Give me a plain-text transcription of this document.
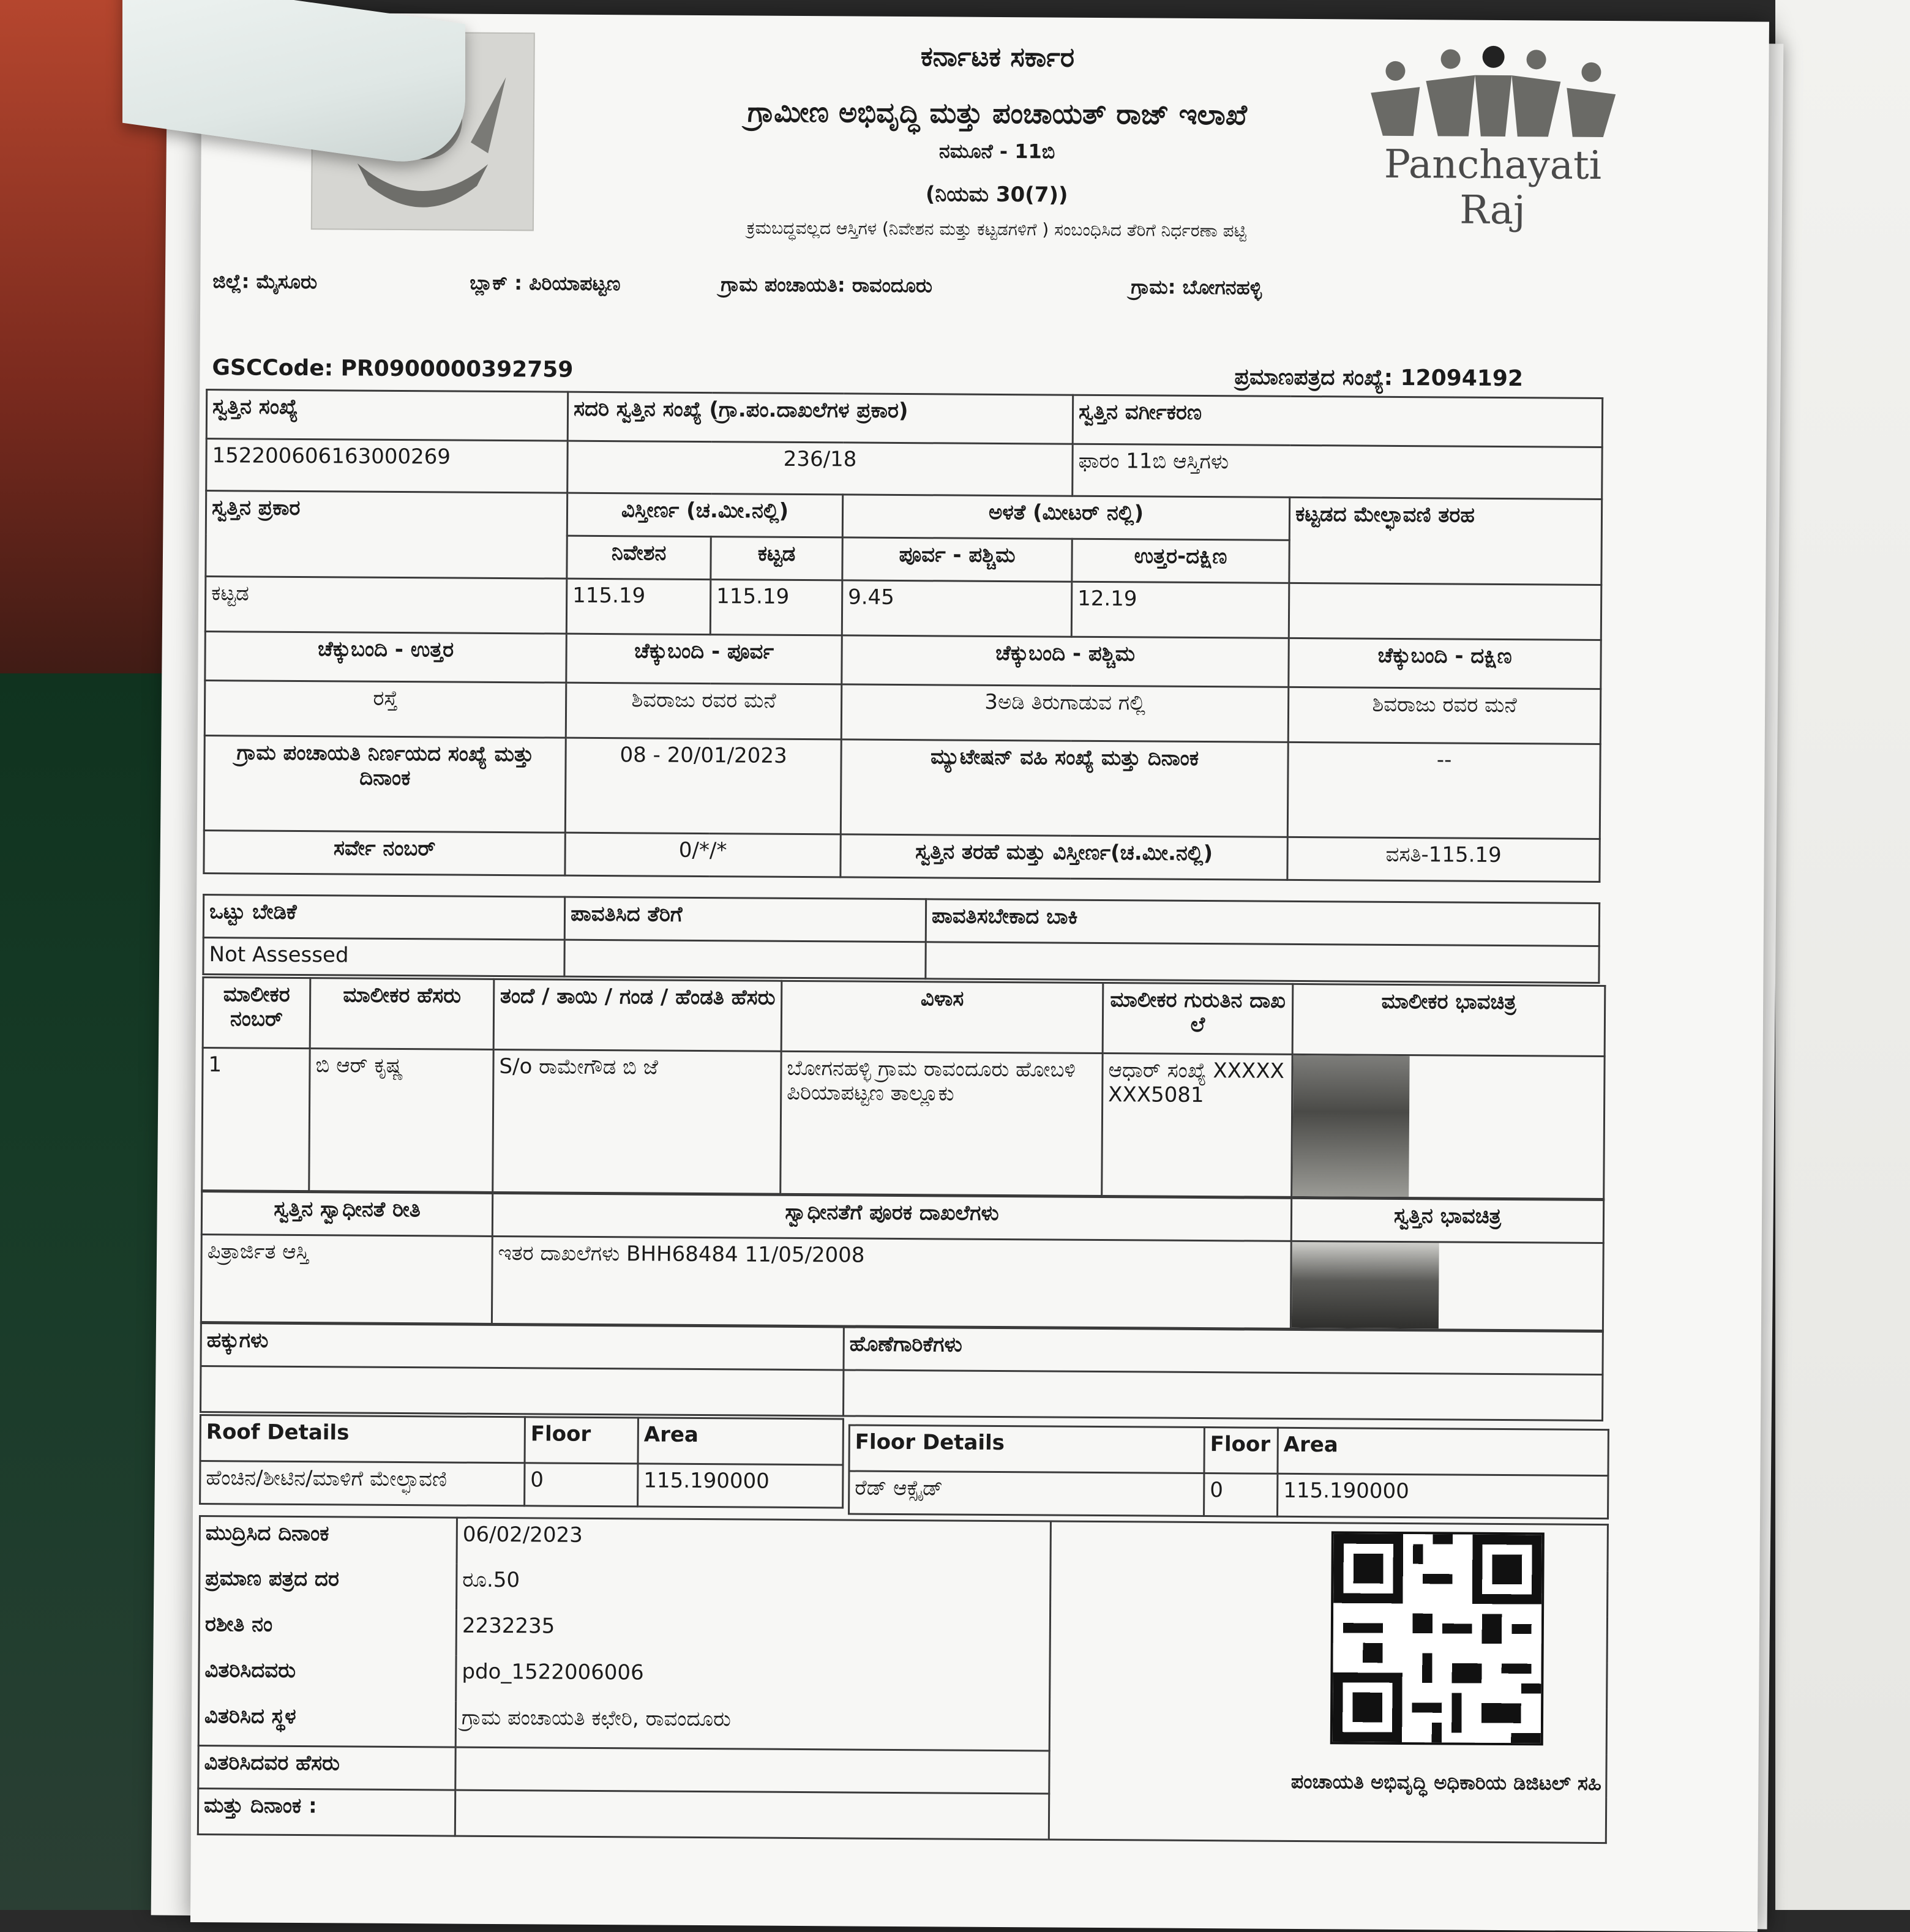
ಕರ್ನಾಟಕ ಸರ್ಕಾರ
ಗ್ರಾಮೀಣ ಅಭಿವೃದ್ಧಿ ಮತ್ತು ಪಂಚಾಯತ್ ರಾಜ್ ಇಲಾಖೆ
ನಮೂನೆ - 11ಬಿ
(ನಿಯಮ 30(7))
ಕ್ರಮಬದ್ಧವಲ್ಲದ ಆಸ್ತಿಗಳ (ನಿವೇಶನ ಮತ್ತು ಕಟ್ಟಡಗಳಿಗೆ ) ಸಂಬಂಧಿಸಿದ ತೆರಿಗೆ ನಿರ್ಧರಣಾ ಪಟ್ಟಿ
Panchayati Raj
ಜಿಲ್ಲೆ: ಮೈಸೂರು	ಬ್ಲಾಕ್ : ಪಿರಿಯಾಪಟ್ಟಣ	ಗ್ರಾಮ ಪಂಚಾಯತಿ: ರಾವಂದೂರು	ಗ್ರಾಮ: ಬೋಗನಹಳ್ಳಿ
GSCCode: PR0900000392759	ಪ್ರಮಾಣಪತ್ರದ ಸಂಖ್ಯೆ: 12094192
ಸ್ವತ್ತಿನ ಸಂಖ್ಯೆ	ಸದರಿ ಸ್ವತ್ತಿನ ಸಂಖ್ಯೆ (ಗ್ರಾ.ಪಂ.ದಾಖಲೆಗಳ ಪ್ರಕಾರ)			ಸ್ವತ್ತಿನ ವರ್ಗೀಕರಣ	
152200606163000269	236/18			ಫಾರಂ 11ಬಿ ಆಸ್ತಿಗಳು	
ಸ್ವತ್ತಿನ ಪ್ರಕಾರ	ವಿಸ್ತೀರ್ಣ (ಚ.ಮೀ.ನಲ್ಲಿ)		ಅಳತೆ (ಮೀಟರ್ ನಲ್ಲಿ)		ಕಟ್ಟಡದ ಮೇಲ್ಛಾವಣಿ ತರಹ
	ನಿವೇಶನ	ಕಟ್ಟಡ	ಪೂರ್ವ - ಪಶ್ಚಿಮ	ಉತ್ತರ-ದಕ್ಷಿಣ	
ಕಟ್ಟಡ	115.19	115.19	9.45	12.19	
ಚೆಕ್ಕುಬಂದಿ - ಉತ್ತರ	ಚೆಕ್ಕುಬಂದಿ - ಪೂರ್ವ		ಚೆಕ್ಕುಬಂದಿ - ಪಶ್ಚಿಮ		ಚೆಕ್ಕುಬಂದಿ - ದಕ್ಷಿಣ
ರಸ್ತೆ	ಶಿವರಾಜು ರವರ ಮನೆ		3ಅಡಿ ತಿರುಗಾಡುವ ಗಲ್ಲಿ		ಶಿವರಾಜು ರವರ ಮನೆ
ಗ್ರಾಮ ಪಂಚಾಯತಿ ನಿರ್ಣಯದ ಸಂಖ್ಯೆ ಮತ್ತು ದಿನಾಂಕ	08 - 20/01/2023		ಮ್ಯುಟೇಷನ್ ವಹಿ ಸಂಖ್ಯೆ ಮತ್ತು ದಿನಾಂಕ		--
ಸರ್ವೇ ನಂಬರ್	0/*/*		ಸ್ವತ್ತಿನ ತರಹೆ ಮತ್ತು ವಿಸ್ತೀರ್ಣ(ಚ.ಮೀ.ನಲ್ಲಿ)		ವಸತಿ-115.19
ಒಟ್ಟು ಬೇಡಿಕೆ	ಪಾವತಿಸಿದ ತೆರಿಗೆ	ಪಾವತಿಸಬೇಕಾದ ಬಾಕಿ
Not Assessed		
ಮಾಲೀಕರ ನಂಬರ್	ಮಾಲೀಕರ ಹೆಸರು	ತಂದೆ / ತಾಯಿ / ಗಂಡ / ಹೆಂಡತಿ ಹೆಸರು	ವಿಳಾಸ	ಮಾಲೀಕರ ಗುರುತಿನ ದಾಖಲೆ	ಮಾಲೀಕರ ಭಾವಚಿತ್ರ
1	ಬಿ ಆರ್ ಕೃಷ್ಣ	S/o ರಾಮೇಗೌಡ ಬಿ ಜೆ	ಬೋಗನಹಳ್ಳಿ ಗ್ರಾಮ ರಾವಂದೂರು ಹೋಬಳಿ ಪಿರಿಯಾಪಟ್ಟಣ ತಾಲ್ಲೂಕು	ಆಧಾರ್ ಸಂಖ್ಯೆ XXXXXXXX5081	
ಸ್ವತ್ತಿನ ಸ್ವಾಧೀನತೆ ರೀತಿ	ಸ್ವಾಧೀನತೆಗೆ ಪೂರಕ ದಾಖಲೆಗಳು	ಸ್ವತ್ತಿನ ಭಾವಚಿತ್ರ
ಪಿತ್ರಾರ್ಜಿತ ಆಸ್ತಿ	ಇತರ ದಾಖಲೆಗಳು BHH68484 11/05/2008	
ಹಕ್ಕುಗಳು	ಹೊಣೆಗಾರಿಕೆಗಳು

Roof Details	Floor	Area
ಹೆಂಚಿನ/ಶೀಟಿನ/ಮಾಳಿಗೆ ಮೇಲ್ಛಾವಣಿ	0	115.190000
Floor Details	Floor	Area
ರೆಡ್ ಆಕ್ಸೈಡ್	0	115.190000
ಮುದ್ರಿಸಿದ ದಿನಾಂಕ	06/02/2023	
ಪ್ರಮಾಣ ಪತ್ರದ ದರ	ರೂ.50	
ರಶೀತಿ ನಂ	2232235	
ವಿತರಿಸಿದವರು	pdo_1522006006	
ವಿತರಿಸಿದ ಸ್ಥಳ	ಗ್ರಾಮ ಪಂಚಾಯತಿ ಕಛೇರಿ, ರಾವಂದೂರು	
ವಿತರಿಸಿದವರ ಹೆಸರು		
ಮತ್ತು ದಿನಾಂಕ :		
ಪಂಚಾಯತಿ ಅಭಿವೃದ್ಧಿ ಅಧಿಕಾರಿಯ ಡಿಜಿಟಲ್ ಸಹಿ
